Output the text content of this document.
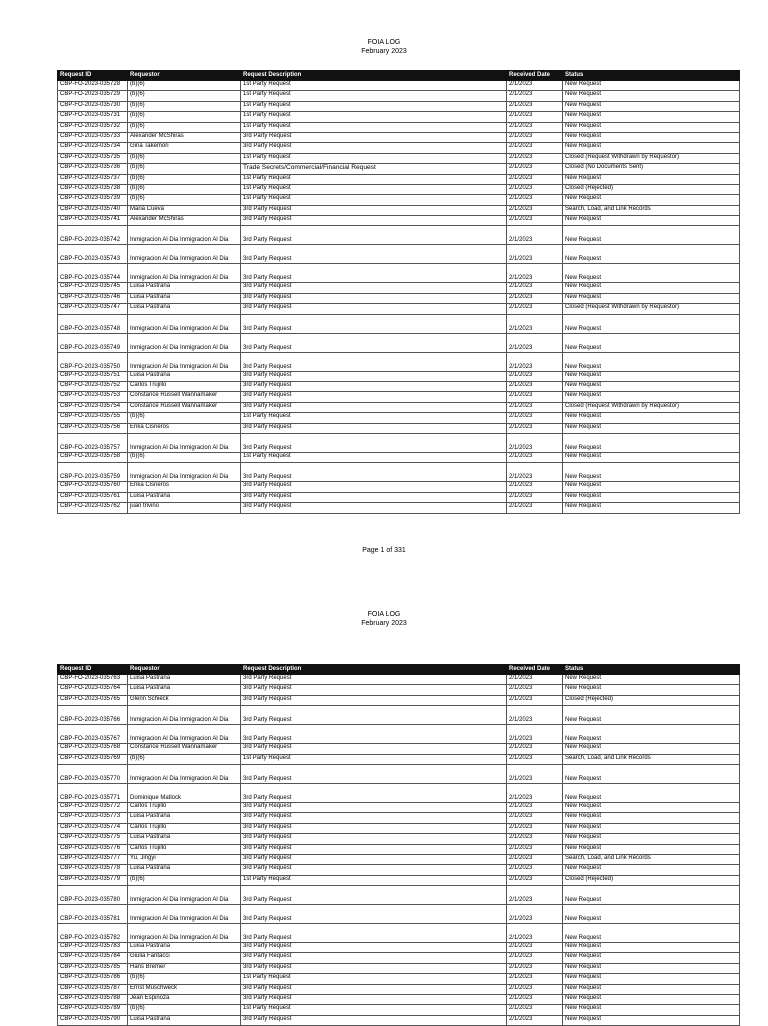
FOIA LOG
February 2023
Request ID	Requestor	Request Description	Received Date	Status
CBP-FO-2023-035728	(b)(6)	1st Party Request	2/1/2023	New Request
CBP-FO-2023-035729	(b)(6)	1st Party Request	2/1/2023	New Request
CBP-FO-2023-035730	(b)(6)	1st Party Request	2/1/2023	New Request
CBP-FO-2023-035731	(b)(6)	1st Party Request	2/1/2023	New Request
CBP-FO-2023-035732	(b)(6)	1st Party Request	2/1/2023	New Request
CBP-FO-2023-035733	Alexander McShiras	3rd Party Request	2/1/2023	New Request
CBP-FO-2023-035734	Gina Takemori	3rd Party Request	2/1/2023	New Request
CBP-FO-2023-035735	(b)(6)	1st Party Request	2/1/2023	Closed (Request Withdrawn by Requestor)
CBP-FO-2023-035736	(b)(6)	Trade Secrets/Commercial/Financial Request	2/1/2023	Closed (No Documents Sent)
CBP-FO-2023-035737	(b)(6)	1st Party Request	2/1/2023	New Request
CBP-FO-2023-035738	(b)(6)	1st Party Request	2/1/2023	Closed (Rejected)
CBP-FO-2023-035739	(b)(6)	1st Party Request	2/1/2023	New Request
CBP-FO-2023-035740	Maria Cueva	3rd Party Request	2/1/2023	Search, Load, and Link Records
CBP-FO-2023-035741	Alexander McShiras	3rd Party Request	2/1/2023	New Request
CBP-FO-2023-035742	Inmigracion Al Dia Inmigracion Al Dia	3rd Party Request	2/1/2023	New Request
CBP-FO-2023-035743	Inmigracion Al Dia Inmigracion Al Dia	3rd Party Request	2/1/2023	New Request
CBP-FO-2023-035744	Inmigracion Al Dia Inmigracion Al Dia	3rd Party Request	2/1/2023	New Request
CBP-FO-2023-035745	Luisa Pastrana	3rd Party Request	2/1/2023	New Request
CBP-FO-2023-035746	Luisa Pastrana	3rd Party Request	2/1/2023	New Request
CBP-FO-2023-035747	Luisa Pastrana	3rd Party Request	2/1/2023	Closed (Request Withdrawn by Requestor)
CBP-FO-2023-035748	Inmigracion Al Dia Inmigracion Al Dia	3rd Party Request	2/1/2023	New Request
CBP-FO-2023-035749	Inmigracion Al Dia Inmigracion Al Dia	3rd Party Request	2/1/2023	New Request
CBP-FO-2023-035750	Inmigracion Al Dia Inmigracion Al Dia	3rd Party Request	2/1/2023	New Request
CBP-FO-2023-035751	Luisa Pastrana	3rd Party Request	2/1/2023	New Request
CBP-FO-2023-035752	Carlos Trujillo	3rd Party Request	2/1/2023	New Request
CBP-FO-2023-035753	Constance Russell Wannamaker	3rd Party Request	2/1/2023	New Request
CBP-FO-2023-035754	Constance Russell Wannamaker	3rd Party Request	2/1/2023	Closed (Request Withdrawn by Requestor)
CBP-FO-2023-035755	(b)(6)	1st Party Request	2/1/2023	New Request
CBP-FO-2023-035756	Erika Cisneros	3rd Party Request	2/1/2023	New Request
CBP-FO-2023-035757	Inmigracion Al Dia Inmigracion Al Dia	3rd Party Request	2/1/2023	New Request
CBP-FO-2023-035758	(b)(6)	1st Party Request	2/1/2023	New Request
CBP-FO-2023-035759	Inmigracion Al Dia Inmigracion Al Dia	3rd Party Request	2/1/2023	New Request
CBP-FO-2023-035760	Erika Cisneros	3rd Party Request	2/1/2023	New Request
CBP-FO-2023-035761	Luisa Pastrana	3rd Party Request	2/1/2023	New Request
CBP-FO-2023-035762	juan trivino	3rd Party Request	2/1/2023	New Request
Page 1 of 331
FOIA LOG
February 2023
Request ID	Requestor	Request Description	Received Date	Status
CBP-FO-2023-035763	Luisa Pastrana	3rd Party Request	2/1/2023	New Request
CBP-FO-2023-035764	Luisa Pastrana	3rd Party Request	2/1/2023	New Request
CBP-FO-2023-035765	Glenn Schieck	3rd Party Request	2/1/2023	Closed (Rejected)
CBP-FO-2023-035766	Inmigracion Al Dia Inmigracion Al Dia	3rd Party Request	2/1/2023	New Request
CBP-FO-2023-035767	Inmigracion Al Dia Inmigracion Al Dia	3rd Party Request	2/1/2023	New Request
CBP-FO-2023-035768	Constance Russell Wannamaker	3rd Party Request	2/1/2023	New Request
CBP-FO-2023-035769	(b)(6)	1st Party Request	2/1/2023	Search, Load, and Link Records
CBP-FO-2023-035770	Inmigracion Al Dia Inmigracion Al Dia	3rd Party Request	2/1/2023	New Request
CBP-FO-2023-035771	Dominique Matlock	3rd Party Request	2/1/2023	New Request
CBP-FO-2023-035772	Carlos Trujillo	3rd Party Request	2/1/2023	New Request
CBP-FO-2023-035773	Luisa Pastrana	3rd Party Request	2/1/2023	New Request
CBP-FO-2023-035774	Carlos Trujillo	3rd Party Request	2/1/2023	New Request
CBP-FO-2023-035775	Luisa Pastrana	3rd Party Request	2/1/2023	New Request
CBP-FO-2023-035776	Carlos Trujillo	3rd Party Request	2/1/2023	New Request
CBP-FO-2023-035777	Yu, Jingyi	3rd Party Request	2/1/2023	Search, Load, and Link Records
CBP-FO-2023-035778	Luisa Pastrana	3rd Party Request	2/1/2023	New Request
CBP-FO-2023-035779	(b)(6)	1st Party Request	2/1/2023	Closed (Rejected)
CBP-FO-2023-035780	Inmigracion Al Dia Inmigracion Al Dia	3rd Party Request	2/1/2023	New Request
CBP-FO-2023-035781	Inmigracion Al Dia Inmigracion Al Dia	3rd Party Request	2/1/2023	New Request
CBP-FO-2023-035782	Inmigracion Al Dia Inmigracion Al Dia	3rd Party Request	2/1/2023	New Request
CBP-FO-2023-035783	Luisa Pastrana	3rd Party Request	2/1/2023	New Request
CBP-FO-2023-035784	Giulia Fantacci	3rd Party Request	2/1/2023	New Request
CBP-FO-2023-035785	Hans Bremer	3rd Party Request	2/1/2023	New Request
CBP-FO-2023-035786	(b)(6)	1st Party Request	2/1/2023	New Request
CBP-FO-2023-035787	Ernst Muschweck	3rd Party Request	2/1/2023	New Request
CBP-FO-2023-035788	Jean Espinoza	3rd Party Request	2/1/2023	New Request
CBP-FO-2023-035789	(b)(6)	1st Party Request	2/1/2023	New Request
CBP-FO-2023-035790	Luisa Pastrana	3rd Party Request	2/1/2023	New Request
